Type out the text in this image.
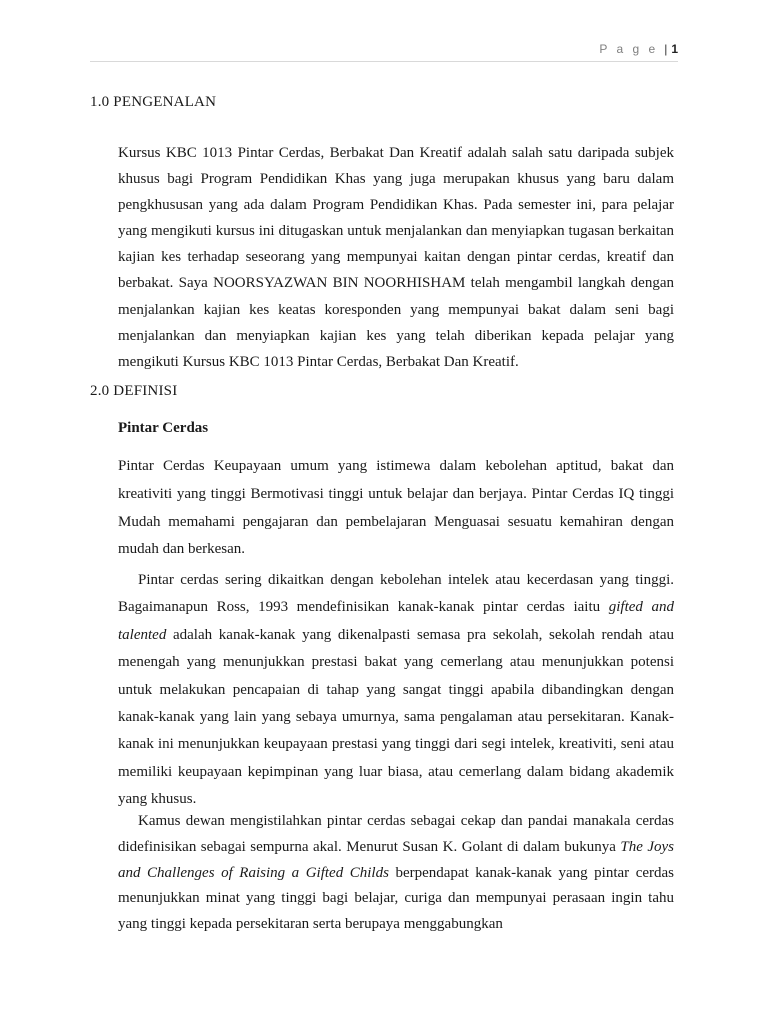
P a g e | 1
1.0 PENGENALAN

Kursus KBC 1013 Pintar Cerdas, Berbakat Dan Kreatif adalah salah satu daripada subjek khusus bagi Program Pendidikan Khas yang juga merupakan khusus yang baru dalam pengkhususan yang ada dalam Program Pendidikan Khas. Pada semester ini, para pelajar yang mengikuti kursus ini ditugaskan untuk menjalankan dan menyiapkan tugasan berkaitan kajian kes terhadap seseorang yang mempunyai kaitan dengan pintar cerdas, kreatif dan berbakat. Saya NOORSYAZWAN BIN NOORHISHAM telah mengambil langkah dengan menjalankan kajian kes keatas koresponden yang mempunyai bakat dalam seni bagi menjalankan dan menyiapkan kajian kes yang telah diberikan kepada pelajar yang mengikuti Kursus KBC 1013 Pintar Cerdas, Berbakat Dan Kreatif.

2.0 DEFINISI
Pintar Cerdas

Pintar Cerdas Keupayaan umum yang istimewa dalam kebolehan aptitud, bakat dan kreativiti yang tinggi Bermotivasi tinggi untuk belajar dan berjaya. Pintar Cerdas IQ tinggi Mudah memahami pengajaran dan pembelajaran Menguasai sesuatu kemahiran dengan mudah dan berkesan.

Pintar cerdas sering dikaitkan dengan kebolehan intelek atau kecerdasan yang tinggi. Bagaimanapun Ross, 1993 mendefinisikan kanak-kanak pintar cerdas iaitu gifted and talented adalah kanak-kanak yang dikenalpasti semasa pra sekolah, sekolah rendah atau menengah yang menunjukkan prestasi bakat yang cemerlang atau menunjukkan potensi untuk melakukan pencapaian di tahap yang sangat tinggi apabila dibandingkan dengan kanak-kanak yang lain yang sebaya umurnya, sama pengalaman atau persekitaran. Kanak-kanak ini menunjukkan keupayaan prestasi yang tinggi dari segi intelek, kreativiti, seni atau memiliki keupayaan kepimpinan yang luar biasa, atau cemerlang dalam bidang akademik yang khusus.

Kamus dewan mengistilahkan pintar cerdas sebagai cekap dan pandai manakala cerdas didefinisikan sebagai sempurna akal. Menurut Susan K. Golant di dalam bukunya The Joys and Challenges of Raising a Gifted Childs berpendapat kanak-kanak yang pintar cerdas menunjukkan minat yang tinggi bagi belajar, curiga dan mempunyai perasaan ingin tahu yang tinggi kepada persekitaran serta berupaya menggabungkan
